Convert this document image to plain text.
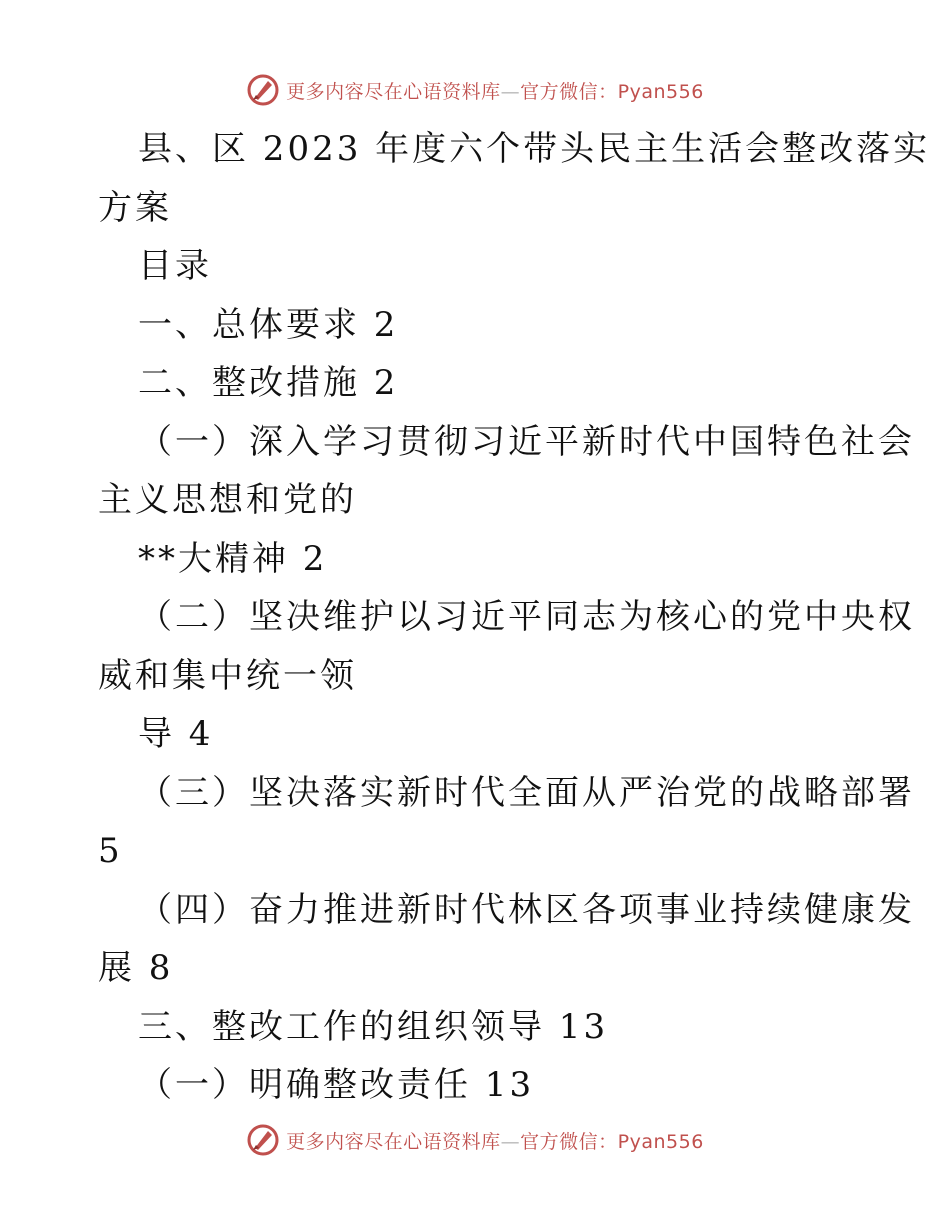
更多内容尽在心语资料库—官方微信：Pyan556
县、区 2023 年度六个带头民主生活会整改落实
方案
目录
一、总体要求 2
二、整改措施 2
（一）深入学习贯彻习近平新时代中国特色社会
主义思想和党的
**大精神 2
（二）坚决维护以习近平同志为核心的党中央权
威和集中统一领
导 4
（三）坚决落实新时代全面从严治党的战略部署
5
（四）奋力推进新时代林区各项事业持续健康发
展 8
三、整改工作的组织领导 13
（一）明确整改责任 13
更多内容尽在心语资料库—官方微信：Pyan556
